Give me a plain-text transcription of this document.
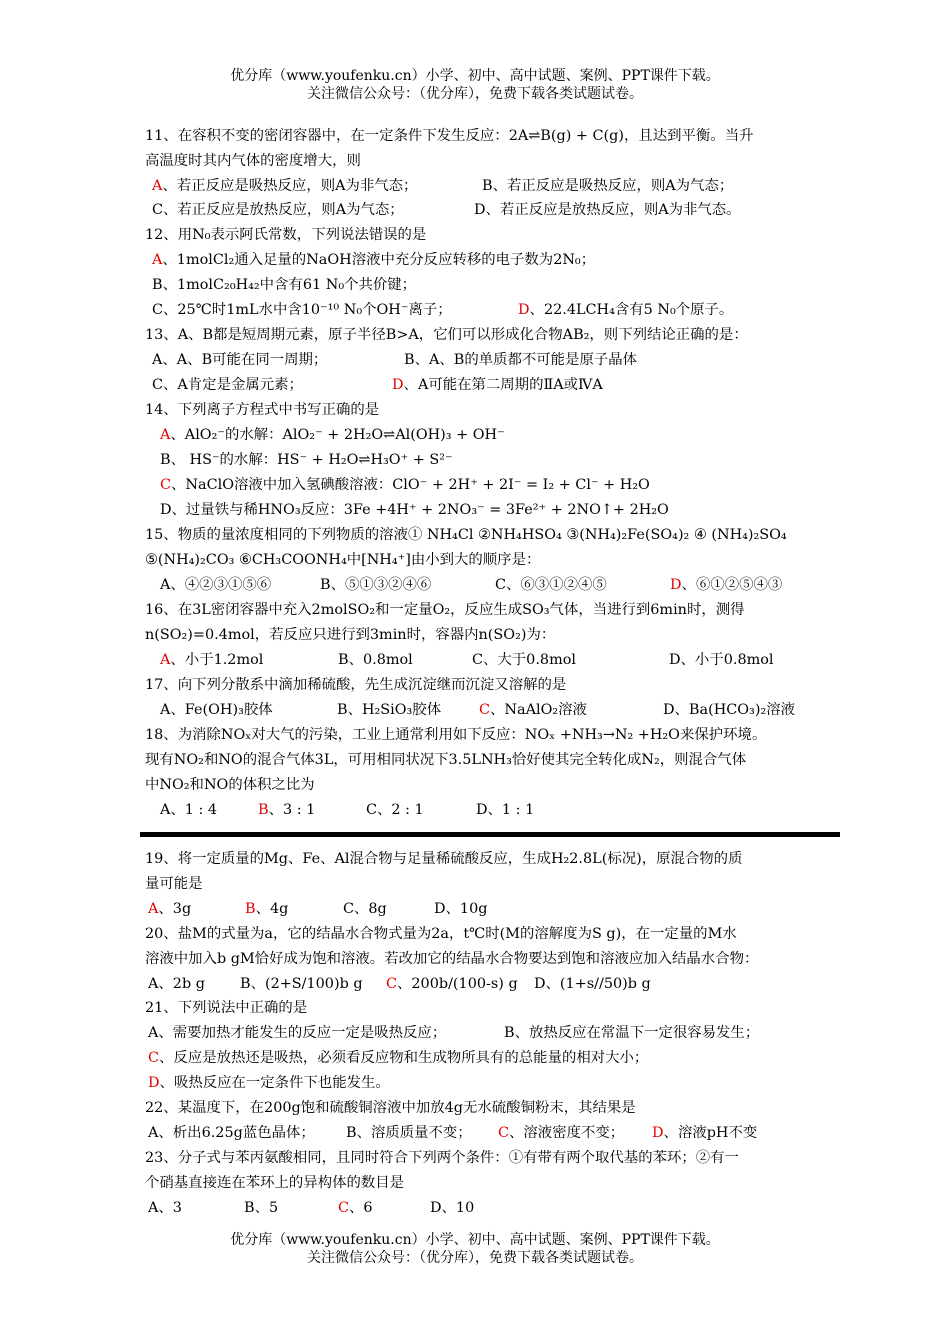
优分库（www.youfenku.cn）小学、初中、高中试题、案例、PPT课件下载。
关注微信公众号：（优分库），免费下载各类试题试卷。
11、在容积不变的密闭容器中，在一定条件下发生反应：2A⇌B(g) + C(g)，且达到平衡。当升
高温度时其内气体的密度增大，则
A、若正反应是吸热反应，则A为非气态；	B、若正反应是吸热反应，则A为气态；
C、若正反应是放热反应，则A为气态；	D、若正反应是放热反应，则A为非气态。
12、用N₀表示阿氏常数，下列说法错误的是
A、1molCl₂通入足量的NaOH溶液中充分反应转移的电子数为2N₀；
B、1molC₂₀H₄₂中含有61 N₀个共价键；
C、25℃时1mL水中含10⁻¹⁰ N₀个OH⁻离子；	D、22.4LCH₄含有5 N₀个原子。
13、A、B都是短周期元素，原子半径B>A，它们可以形成化合物AB₂，则下列结论正确的是：
A、A、B可能在同一周期；	B、A、B的单质都不可能是原子晶体
C、A肯定是金属元素；	D、A可能在第二周期的ⅡA或ⅣA
14、下列离子方程式中书写正确的是
A、AlO₂⁻的水解：AlO₂⁻ + 2H₂O⇌Al(OH)₃ + OH⁻
B、 HS⁻的水解：HS⁻ + H₂O⇌H₃O⁺ + S²⁻
C、NaClO溶液中加入氢碘酸溶液：ClO⁻ + 2H⁺ + 2I⁻ = I₂ + Cl⁻ + H₂O
D、过量铁与稀HNO₃反应：3Fe +4H⁺ + 2NO₃⁻ = 3Fe²⁺ + 2NO↑+ 2H₂O
15、物质的量浓度相同的下列物质的溶液① NH₄Cl ②NH₄HSO₄ ③(NH₄)₂Fe(SO₄)₂ ④ (NH₄)₂SO₄
⑤(NH₄)₂CO₃ ⑥CH₃COONH₄中[NH₄⁺]由小到大的顺序是：
A、④②③①⑤⑥	B、⑤①③②④⑥	C、⑥③①②④⑤	D、⑥①②⑤④③
16、在3L密闭容器中充入2molSO₂和一定量O₂，反应生成SO₃气体，当进行到6min时，测得
n(SO₂)=0.4mol，若反应只进行到3min时，容器内n(SO₂)为：
A、小于1.2mol	B、0.8mol	C、大于0.8mol	D、小于0.8mol
17、向下列分散系中滴加稀硫酸，先生成沉淀继而沉淀又溶解的是
A、Fe(OH)₃胶体	B、H₂SiO₃胶体	C、NaAlO₂溶液	D、Ba(HCO₃)₂溶液
18、为消除NOₓ对大气的污染，工业上通常利用如下反应：NOₓ +NH₃→N₂ +H₂O来保护环境。
现有NO₂和NO的混合气体3L，可用相同状况下3.5LNH₃恰好使其完全转化成N₂，则混合气体
中NO₂和NO的体积之比为
A、1 : 4	B、3 : 1	C、2 : 1	D、1 : 1
19、将一定质量的Mg、Fe、Al混合物与足量稀硫酸反应，生成H₂2.8L(标况)，原混合物的质
量可能是
A、3g	B、4g	C、8g	D、10g
20、盐M的式量为a，它的结晶水合物式量为2a，t℃时(M的溶解度为S g)，在一定量的M水
溶液中加入b gM恰好成为饱和溶液。若改加它的结晶水合物要达到饱和溶液应加入结晶水合物：
A、2b g B、(2+S/100)b g C、200b/(100-s) g D、(1+s//50)b g
21、下列说法中正确的是
A、需要加热才能发生的反应一定是吸热反应；	B、放热反应在常温下一定很容易发生；
C、反应是放热还是吸热，必须看反应物和生成物所具有的总能量的相对大小；
D、吸热反应在一定条件下也能发生。
22、某温度下，在200g饱和硫酸铜溶液中加放4g无水硫酸铜粉末，其结果是
A、析出6.25g蓝色晶体； B、溶质质量不变； C、溶液密度不变； D、溶液pH不变
23、分子式与苯丙氨酸相同，且同时符合下列两个条件：①有带有两个取代基的苯环；②有一
个硝基直接连在苯环上的异构体的数目是
A、3	B、5	C、6	D、10
优分库（www.youfenku.cn）小学、初中、高中试题、案例、PPT课件下载。
关注微信公众号：（优分库），免费下载各类试题试卷。
